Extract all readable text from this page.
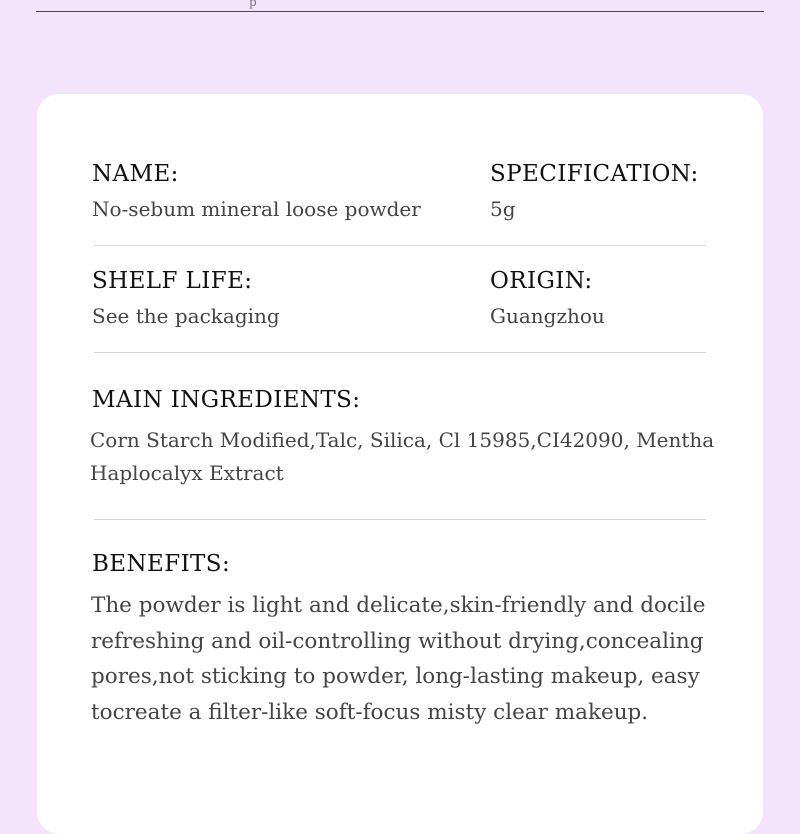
p
NAME:
No-sebum mineral loose powder
SPECIFICATION:
5g
SHELF LIFE:
See the packaging
ORIGIN:
Guangzhou
MAIN INGREDIENTS:
Corn Starch Modified,Talc, Silica, Cl 15985,CI42090, Mentha
Haplocalyx Extract
BENEFITS:
The powder is light and delicate,skin-friendly and docile
refreshing and oil-controlling without drying,concealing
pores,not sticking to powder, long-lasting makeup, easy
tocreate a filter-like soft-focus misty clear makeup.
